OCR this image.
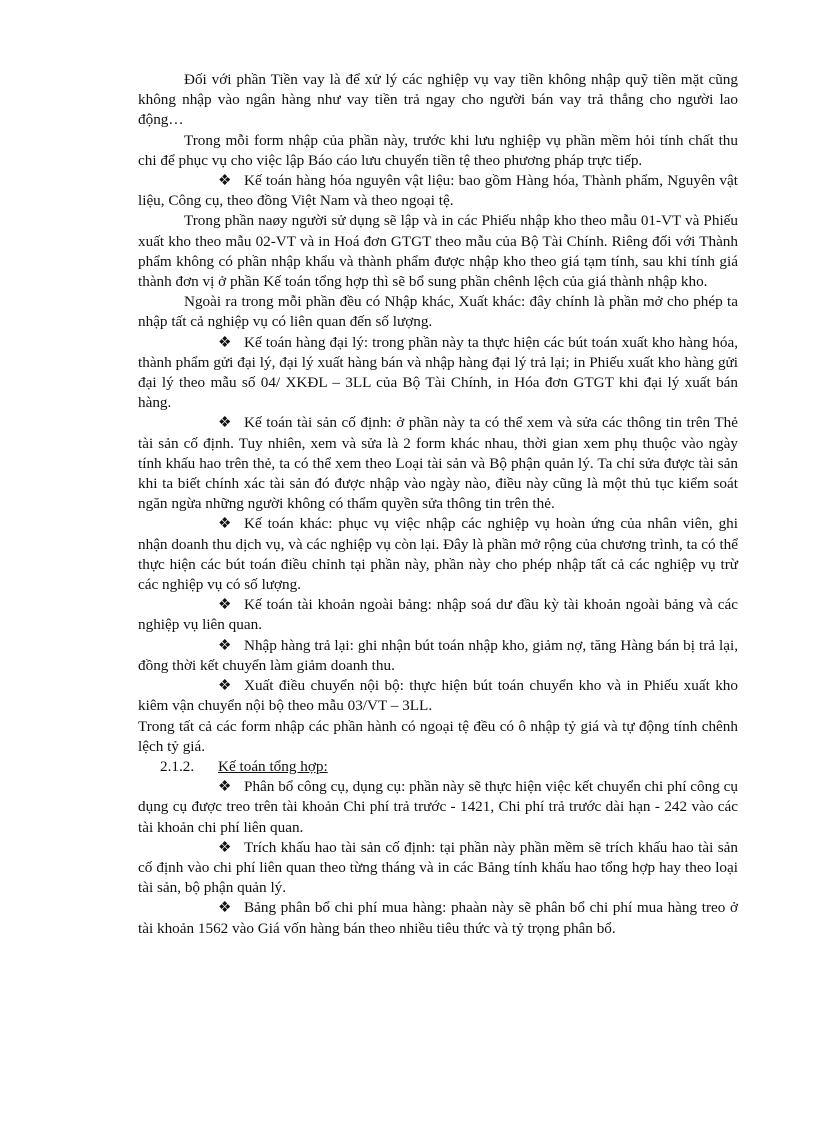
Đối với phần Tiền vay là để xử lý các nghiệp vụ vay tiền không nhập quỹ tiền mặt cũng không nhập vào ngân hàng như vay tiền trả ngay cho người bán vay trả thẳng cho người lao động…

Trong mỗi form nhập của phần này, trước khi lưu nghiệp vụ phần mềm hỏi tính chất thu chi để phục vụ cho việc lập Báo cáo lưu chuyển tiền tệ theo phương pháp trực tiếp.

❖ Kế toán hàng hóa nguyên vật liệu: bao gồm Hàng hóa, Thành phẩm, Nguyên vật liệu, Công cụ, theo đồng Việt Nam và theo ngoại tệ.

Trong phần naøy người sử dụng sẽ lập và in các Phiếu nhập kho theo mẫu 01-VT và Phiếu xuất kho theo mẫu 02-VT và in Hoá đơn GTGT theo mẫu của Bộ Tài Chính. Riêng đối với Thành phẩm không có phần nhập khẩu và thành phẩm được nhập kho theo giá tạm tính, sau khi tính giá thành đơn vị ở phần Kế toán tổng hợp thì sẽ bổ sung phần chênh lệch của giá thành nhập kho.

Ngoài ra trong mỗi phần đều có Nhập khác, Xuất khác: đây chính là phần mở cho phép ta nhập tất cả nghiệp vụ có liên quan đến số lượng.

❖ Kế toán hàng đại lý: trong phần này ta thực hiện các bút toán xuất kho hàng hóa, thành phẩm gửi đại lý, đại lý xuất hàng bán và nhập hàng đại lý trả lại; in Phiếu xuất kho hàng gửi đại lý theo mẫu số 04/ XKĐL – 3LL của Bộ Tài Chính, in Hóa đơn GTGT khi đại lý xuất bán hàng.

❖ Kế toán tài sản cố định: ở phần này ta có thể xem và sửa các thông tin trên Thẻ tài sản cố định. Tuy nhiên, xem và sửa là 2 form khác nhau, thời gian xem phụ thuộc vào ngày tính khấu hao trên thẻ, ta có thể xem theo Loại tài sản và Bộ phận quản lý. Ta chỉ sửa được tài sản khi ta biết chính xác tài sản đó được nhập vào ngày nào, điều này cũng là một thủ tục kiểm soát ngăn ngừa những người không có thẩm quyền sửa thông tin trên thẻ.

❖ Kế toán khác: phục vụ việc nhập các nghiệp vụ hoàn ứng của nhân viên, ghi nhận doanh thu dịch vụ, và các nghiệp vụ còn lại. Đây là phần mở rộng của chương trình, ta có thể thực hiện các bút toán điều chỉnh tại phần này, phần này cho phép nhập tất cả các nghiệp vụ trừ các nghiệp vụ có số lượng.

❖ Kế toán tài khoản ngoài bảng: nhập soá dư đầu kỳ tài khoản ngoài bảng và các nghiệp vụ liên quan.

❖ Nhập hàng trả lại: ghi nhận bút toán nhập kho, giảm nợ, tăng Hàng bán bị trả lại, đồng thời kết chuyển làm giảm doanh thu.

❖ Xuất điều chuyển nội bộ: thực hiện bút toán chuyển kho và in Phiếu xuất kho kiêm vận chuyển nội bộ theo mẫu 03/VT – 3LL.

Trong tất cả các form nhập các phần hành có ngoại tệ đều có ô nhập tỷ giá và tự động tính chênh lệch tỷ giá.

2.1.2. Kế toán tổng hợp:

❖ Phân bổ công cụ, dụng cụ: phần này sẽ thực hiện việc kết chuyển chi phí công cụ dụng cụ được treo trên tài khoản Chi phí trả trước - 1421, Chi phí trả trước dài hạn - 242 vào các tài khoản chi phí liên quan.

❖ Trích khấu hao tài sản cố định: tại phần này phần mềm sẽ trích khấu hao tài sản cố định vào chi phí liên quan theo từng tháng và in các Bảng tính khấu hao tổng hợp hay theo loại tài sản, bộ phận quản lý.

❖ Bảng phân bổ chi phí mua hàng: phaàn này sẽ phân bổ chi phí mua hàng treo ở tài khoản 1562 vào Giá vốn hàng bán theo nhiều tiêu thức và tỷ trọng phân bổ.
